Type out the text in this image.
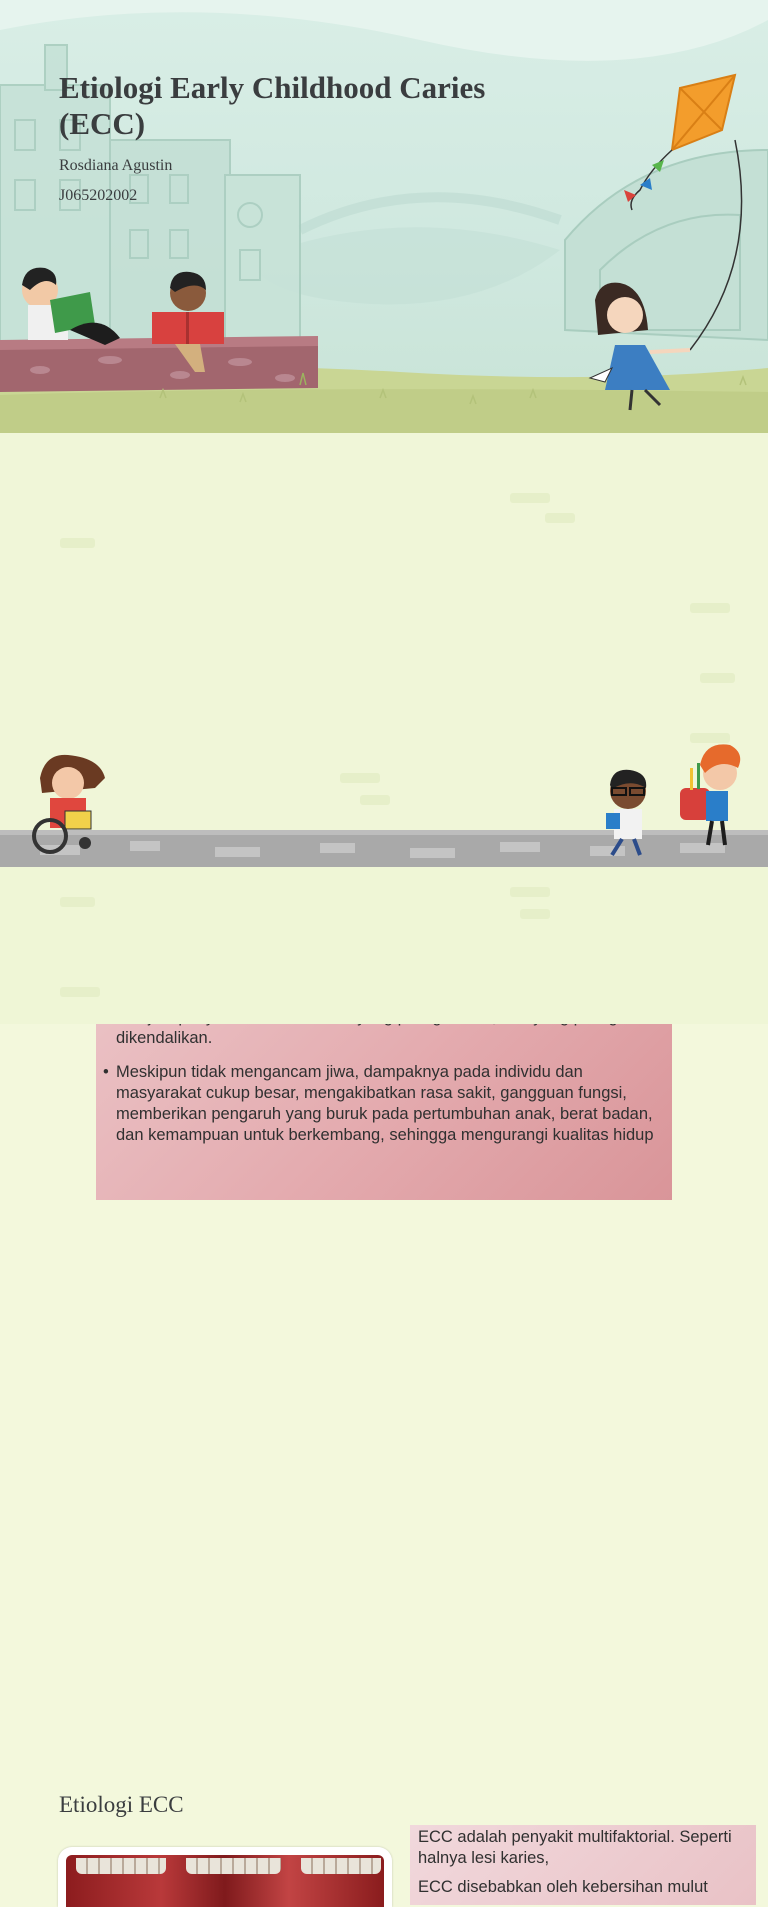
Etiologi Early Childhood Caries (ECC)
Rosdiana Agustin
J065202002
• dikendalikan.
• Meskipun tidak mengancam jiwa, dampaknya pada individu dan masyarakat cukup besar, mengakibatkan rasa sakit, gangguan fungsi, memberikan pengaruh yang buruk pada pertumbuhan anak, berat badan, dan kemampuan untuk berkembang, sehingga mengurangi kualitas hidup
Etiologi ECC

ECC adalah penyakit multifaktorial. Seperti halnya lesi karies,

ECC disebabkan oleh kebersihan mulut
